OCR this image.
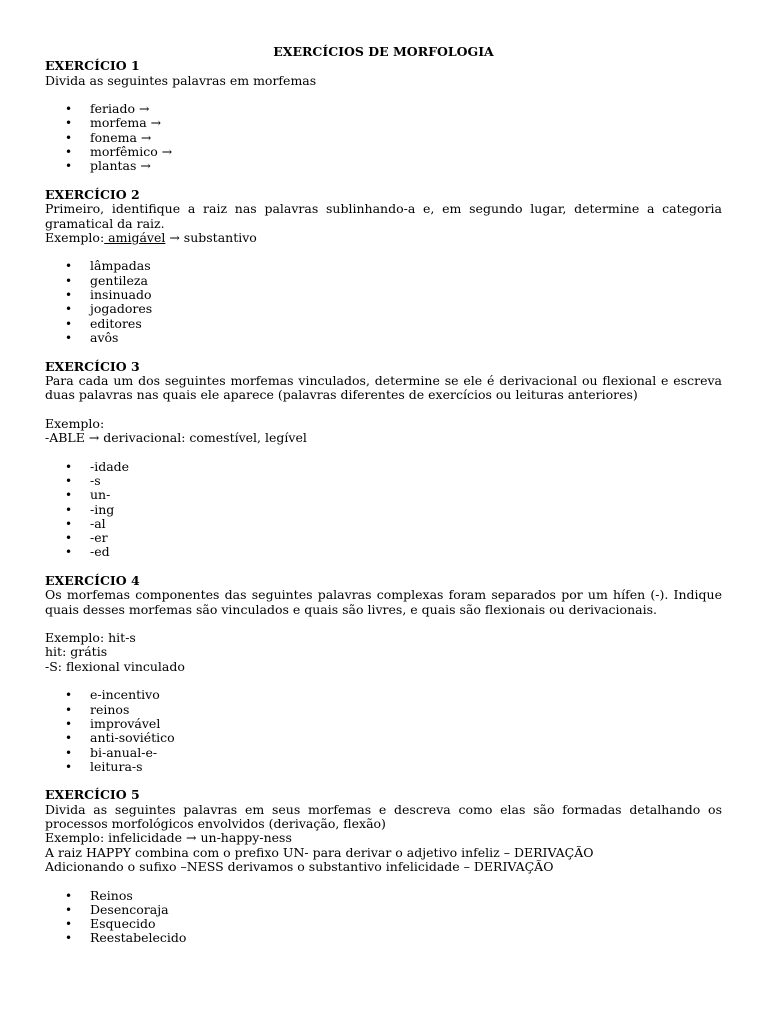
EXERCÍCIOS DE MORFOLOGIA
EXERCÍCIO 1

Divida as seguintes palavras em morfemas

• feriado →
• morfema →
• fonema →
• morfêmico →
• plantas →
EXERCÍCIO 2

Primeiro, identifique a raiz nas palavras sublinhando-a e, em segundo lugar, determine a categoria gramatical da raiz.

Exemplo: amigável → substantivo

• lâmpadas
• gentileza
• insinuado
• jogadores
• editores
• avôs
EXERCÍCIO 3

Para cada um dos seguintes morfemas vinculados, determine se ele é derivacional ou flexional e escreva duas palavras nas quais ele aparece (palavras diferentes de exercícios ou leituras anteriores)

Exemplo:

-ABLE → derivacional: comestível, legível

• -idade
• -s
• un-
• -ing
• -al
• -er
• -ed
EXERCÍCIO 4

Os morfemas componentes das seguintes palavras complexas foram separados por um hífen (-). Indique quais desses morfemas são vinculados e quais são livres, e quais são flexionais ou derivacionais.

Exemplo: hit-s

hit: grátis

-S: flexional vinculado

• e-incentivo
• reinos
• improvável
• anti-soviético
• bi-anual-e-
• leitura-s
EXERCÍCIO 5

Divida as seguintes palavras em seus morfemas e descreva como elas são formadas detalhando os processos morfológicos envolvidos (derivação, flexão)

Exemplo: infelicidade → un-happy-ness

A raiz HAPPY combina com o prefixo UN- para derivar o adjetivo infeliz – DERIVAÇÃO

Adicionando o sufixo –NESS derivamos o substantivo infelicidade – DERIVAÇÃO

• Reinos
• Desencoraja
• Esquecido
• Reestabelecido
